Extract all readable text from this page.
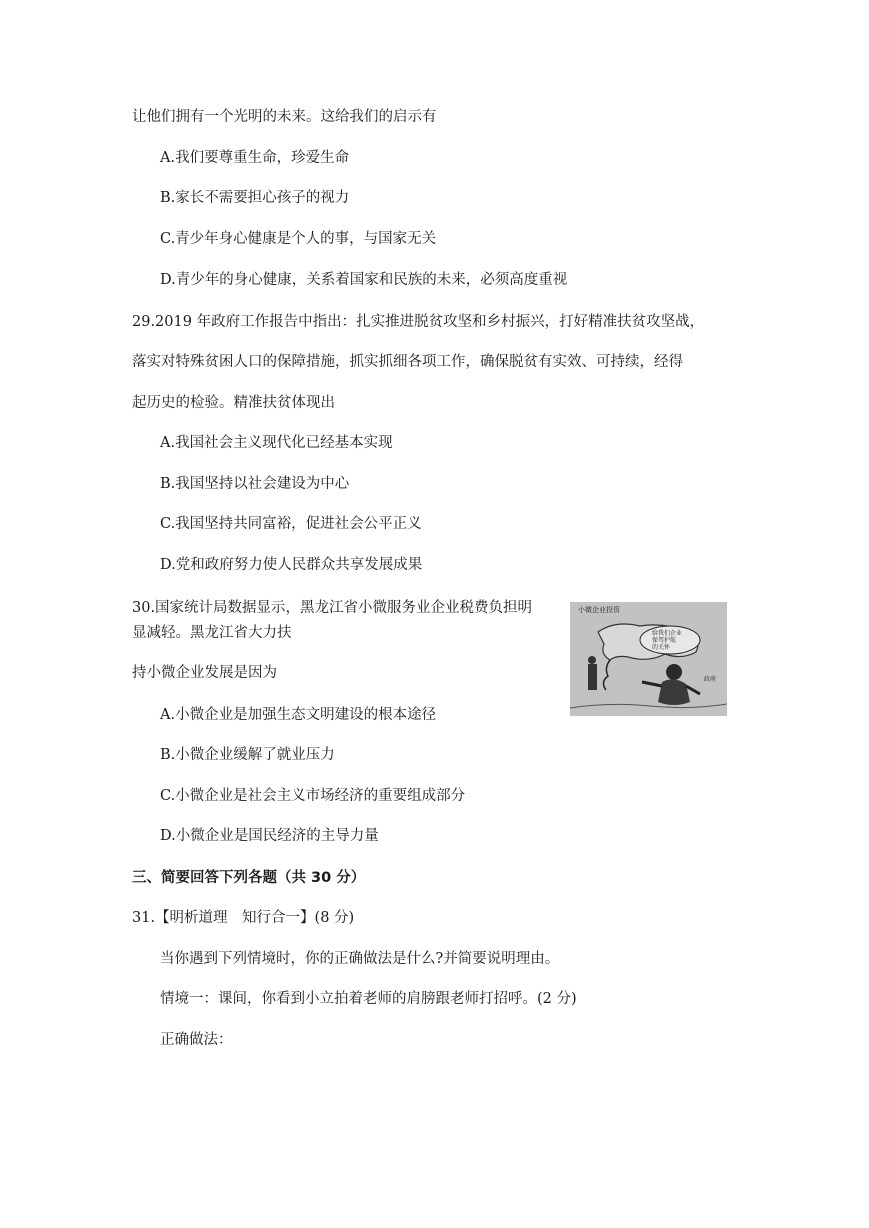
让他们拥有一个光明的未来。这给我们的启示有
A.我们要尊重生命，珍爱生命
B.家长不需要担心孩子的视力
C.青少年身心健康是个人的事，与国家无关
D.青少年的身心健康，关系着国家和民族的未来，必须高度重视
29.2019 年政府工作报告中指出：扎实推进脱贫攻坚和乡村振兴，打好精准扶贫攻坚战，
落实对特殊贫困人口的保障措施，抓实抓细各项工作，确保脱贫有实效、可持续，经得
起历史的检验。精准扶贫体现出
A.我国社会主义现代化已经基本实现
B.我国坚持以社会建设为中心
C.我国坚持共同富裕，促进社会公平正义
D.党和政府努力使人民群众共享发展成果
30.国家统计局数据显示，黑龙江省小微服务业企业税费负担明
显减轻。黑龙江省大力扶
持小微企业发展是因为
小微企业投资
给我们企业
保驾护航
的关怀
政府
A.小微企业是加强生态文明建设的根本途径
B.小微企业缓解了就业压力
C.小微企业是社会主义市场经济的重要组成部分
D.小微企业是国民经济的主导力量
三、简要回答下列各题（共 30 分）
31.【明析道理　知行合一】(8 分)
当你遇到下列情境时，你的正确做法是什么?并简要说明理由。
情境一：课间，你看到小立拍着老师的肩膀跟老师打招呼。(2 分)
正确做法：
